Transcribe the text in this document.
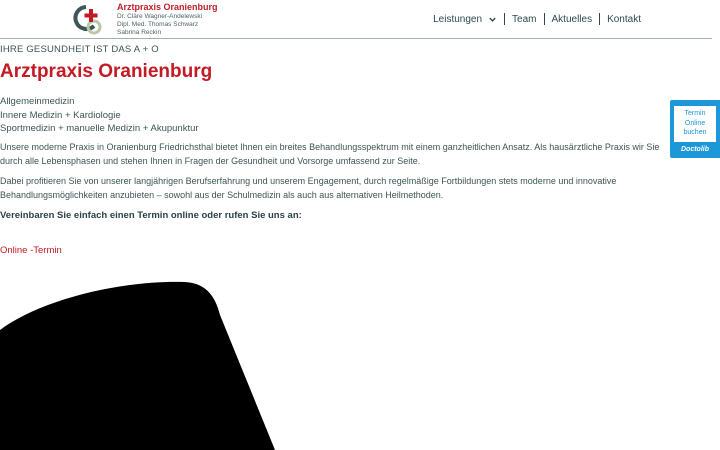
Arztpraxis Oranienburg
Dr. Cläre Wagner-Andelewski
Dipl. Med. Thomas Schwarz
Sabrina Reckin
Leistungen	Team Aktuelles Kontakt
IHRE GESUNDHEIT IST DAS A + O
Arztpraxis Oranienburg
Allgemeinmedizin
Innere Medizin + Kardiologie
Sportmedizin + manuelle Medizin + Akupunktur

Unsere moderne Praxis in Oranienburg Friedrichsthal bietet Ihnen ein breites Behandlungsspektrum mit einem ganzheitlichen Ansatz. Als hausärztliche Praxis wir Sie durch alle Lebensphasen und stehen Ihnen in Fragen der Gesundheit und Vorsorge umfassend zur Seite.

Dabei profitieren Sie von unserer langjährigen Berufserfahrung und unserem Engagement, durch regelmäßige Fortbildungen stets moderne und innovative Behandlungsmöglichkeiten anzubieten – sowohl aus der Schulmedizin als auch aus alternativen Heilmethoden.

Vereinbaren Sie einfach einen Termin online oder rufen Sie uns an:
Online -Termin
Termin
Online
buchen
Doctolib
